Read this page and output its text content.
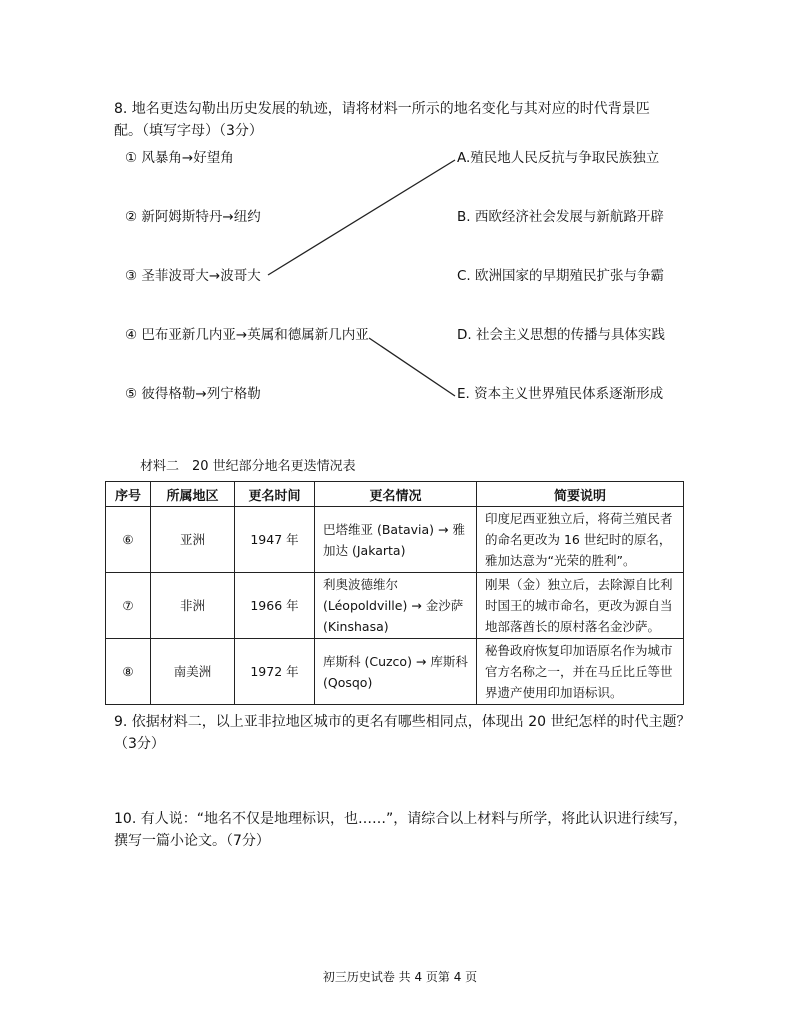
8. 地名更迭勾勒出历史发展的轨迹，请将材料一所示的地名变化与其对应的时代背景匹配。（填写字母）（3分）
① 风暴角→好望角
② 新阿姆斯特丹→纽约
③ 圣菲波哥大→波哥大
④ 巴布亚新几内亚→英属和德属新几内亚
⑤ 彼得格勒→列宁格勒
A.殖民地人民反抗与争取民族独立
B. 西欧经济社会发展与新航路开辟
C. 欧洲国家的早期殖民扩张与争霸
D. 社会主义思想的传播与具体实践
E. 资本主义世界殖民体系逐渐形成
材料二　20 世纪部分地名更迭情况表
序号	所属地区	更名时间	更名情况	简要说明
⑥	亚洲	1947 年	巴塔维亚 (Batavia) → 雅加达 (Jakarta)	印度尼西亚独立后，将荷兰殖民者的命名更改为 16 世纪时的原名，雅加达意为“光荣的胜利”。
⑦	非洲	1966 年	利奥波德维尔 (Léopoldville) → 金沙萨 (Kinshasa)	刚果（金）独立后，去除源自比利时国王的城市命名，更改为源自当地部落酋长的原村落名金沙萨。
⑧	南美洲	1972 年	库斯科 (Cuzco) → 库斯科 (Qosqo)	秘鲁政府恢复印加语原名作为城市官方名称之一，并在马丘比丘等世界遗产使用印加语标识。
9. 依据材料二，以上亚非拉地区城市的更名有哪些相同点，体现出 20 世纪怎样的时代主题？（3分）
10. 有人说：“地名不仅是地理标识，也……”，请综合以上材料与所学，将此认识进行续写，撰写一篇小论文。（7分）
初三历史试卷 共 4 页第 4 页
